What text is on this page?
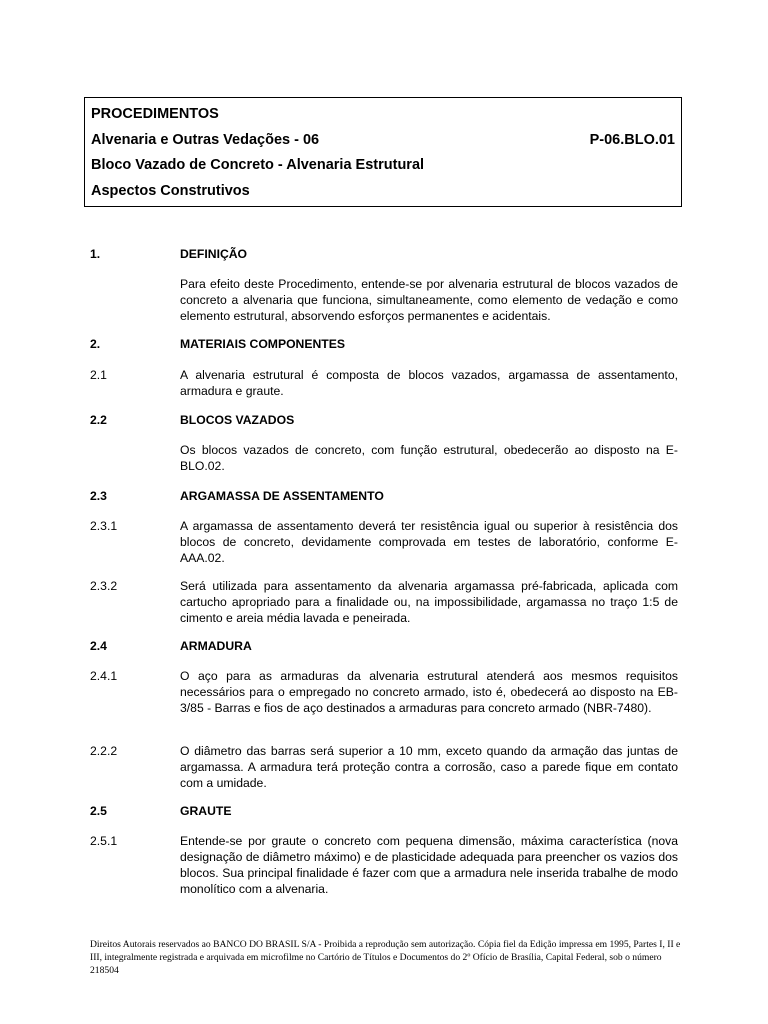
PROCEDIMENTOS
Alvenaria e Outras Vedações - 06	P-06.BLO.01
Bloco Vazado de Concreto - Alvenaria Estrutural
Aspectos Construtivos
1.	DEFINIÇÃO
Para efeito deste Procedimento, entende-se por alvenaria estrutural de blocos vazados de concreto a alvenaria que funciona, simultaneamente, como elemento de vedação e como elemento estrutural, absorvendo esforços permanentes e acidentais.
2.	MATERIAIS COMPONENTES
2.1	A alvenaria estrutural é composta de blocos vazados, argamassa de assentamento, armadura e graute.
2.2	BLOCOS VAZADOS
Os blocos vazados de concreto, com função estrutural, obedecerão ao disposto na E-BLO.02.
2.3	ARGAMASSA DE ASSENTAMENTO
2.3.1	A argamassa de assentamento deverá ter resistência igual ou superior à resistência dos blocos de concreto, devidamente comprovada em testes de laboratório, conforme E-AAA.02.
2.3.2	Será utilizada para assentamento da alvenaria argamassa pré-fabricada, aplicada com cartucho apropriado para a finalidade ou, na impossibilidade, argamassa no traço 1:5 de cimento e areia média lavada e peneirada.
2.4	ARMADURA
2.4.1	O aço para as armaduras da alvenaria estrutural atenderá aos mesmos requisitos necessários para o empregado no concreto armado, isto é, obedecerá ao disposto na EB-3/85 - Barras e fios de aço destinados a armaduras para concreto armado (NBR-7480).
2.2.2	O diâmetro das barras será superior a 10 mm, exceto quando da armação das juntas de argamassa. A armadura terá proteção contra a corrosão, caso a parede fique em contato com a umidade.
2.5	GRAUTE
2.5.1	Entende-se por graute o concreto com pequena dimensão, máxima característica (nova designação de diâmetro máximo) e de plasticidade adequada para preencher os vazios dos blocos. Sua principal finalidade é fazer com que a armadura nele inserida trabalhe de modo monolítico com a alvenaria.
Direitos Autorais reservados ao BANCO DO BRASIL S/A - Proibida a reprodução sem autorização. Cópia fiel da Edição impressa em 1995, Partes I, II e III, integralmente registrada e arquivada em microfilme no Cartório de Títulos e Documentos do 2º Ofício de Brasília, Capital Federal, sob o número 218504
